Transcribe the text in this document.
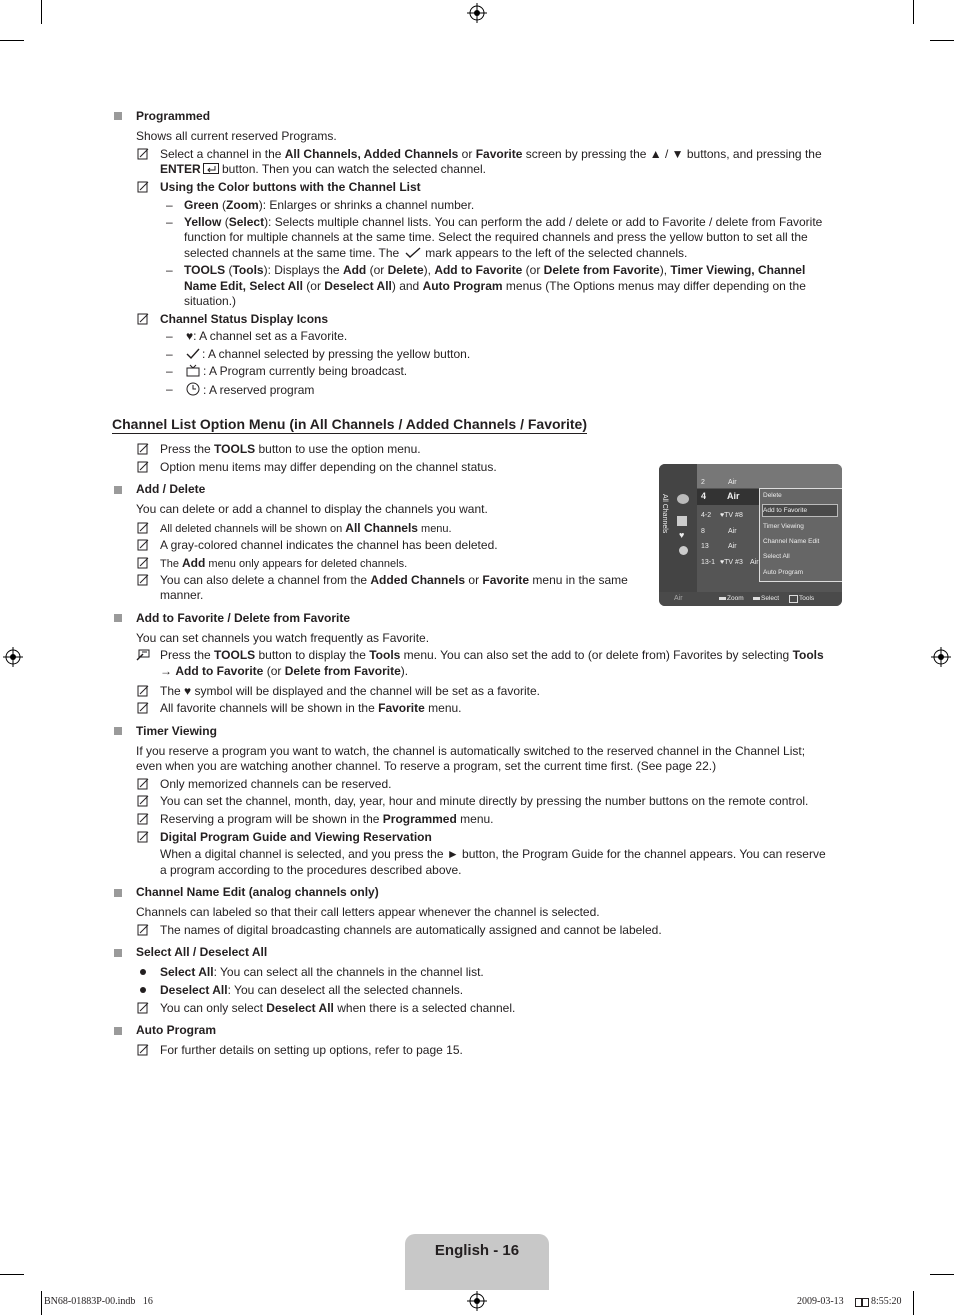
Programmed
Shows all current reserved Programs.
Select a channel in the All Channels, Added Channels or Favorite screen by pressing the ▲ / ▼ buttons, and pressing the
ENTER button. Then you can watch the selected channel.
Using the Color buttons with the Channel List
– Green (Zoom): Enlarges or shrinks a channel number.
– Yellow (Select): Selects multiple channel lists. You can perform the add / delete or add to Favorite / delete from Favorite
function for multiple channels at the same time. Select the required channels and press the yellow button to set all the
selected channels at the same time. The mark appears to the left of the selected channels.
– TOOLS (Tools): Displays the Add (or Delete), Add to Favorite (or Delete from Favorite), Timer Viewing, Channel
Name Edit, Select All (or Deselect All) and Auto Program menus (The Options menus may differ depending on the
situation.)
Channel Status Display Icons
– ♥: A channel set as a Favorite.
–	: A channel selected by pressing the yellow button.
–	: A Program currently being broadcast.
–	: A reserved program
Channel List Option Menu (in All Channels / Added Channels / Favorite)
Press the TOOLS button to use the option menu.
Option menu items may differ depending on the channel status.
Add / Delete
You can delete or add a channel to display the channels you want.
All deleted channels will be shown on All Channels menu.
A gray-colored channel indicates the channel has been deleted.
The Add menu only appears for deleted channels.
You can also delete a channel from the Added Channels or Favorite menu in the same
manner.
All Channels
♥
2	Air
4 Air
4-2 ♥TV #8
8	Air
13	Air
13-1 ♥TV #3 Air
Delete
Add to Favorite
Timer Viewing
Channel Name Edit
Select All
Auto Program
Air	Zoom	Select	Tools
Add to Favorite / Delete from Favorite
You can set channels you watch frequently as Favorite.
Press the TOOLS button to display the Tools menu. You can also set the add to (or delete from) Favorites by selecting Tools
→ Add to Favorite (or Delete from Favorite).
The ♥ symbol will be displayed and the channel will be set as a favorite.
All favorite channels will be shown in the Favorite menu.
Timer Viewing
If you reserve a program you want to watch, the channel is automatically switched to the reserved channel in the Channel List;
even when you are watching another channel. To reserve a program, set the current time first. (See page 22.)
Only memorized channels can be reserved.
You can set the channel, month, day, year, hour and minute directly by pressing the number buttons on the remote control.
Reserving a program will be shown in the Programmed menu.
Digital Program Guide and Viewing Reservation
When a digital channel is selected, and you press the ► button, the Program Guide for the channel appears. You can reserve
a program according to the procedures described above.
Channel Name Edit (analog channels only)
Channels can labeled so that their call letters appear whenever the channel is selected.
The names of digital broadcasting channels are automatically assigned and cannot be labeled.
Select All / Deselect All
Select All: You can select all the channels in the channel list.
Deselect All: You can deselect all the selected channels.
You can only select Deselect All when there is a selected channel.
Auto Program
For further details on setting up options, refer to page 15.
English - 16
BN68-01883P-00.indb   16	2009-03-13	8:55:20
